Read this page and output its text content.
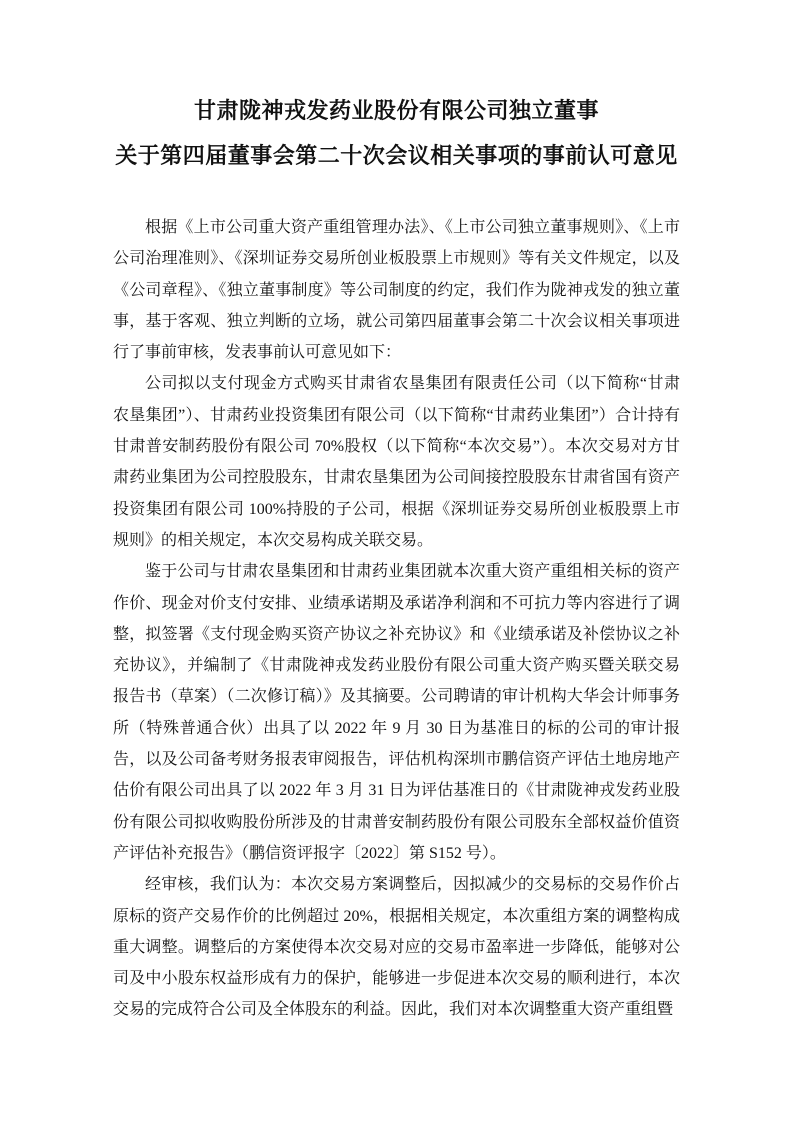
甘肃陇神戎发药业股份有限公司独立董事
关于第四届董事会第二十次会议相关事项的事前认可意见

根据《上市公司重大资产重组管理办法》、《上市公司独立董事规则》、《上市公司治理准则》、《深圳证券交易所创业板股票上市规则》等有关文件规定，以及《公司章程》、《独立董事制度》等公司制度的约定，我们作为陇神戎发的独立董事，基于客观、独立判断的立场，就公司第四届董事会第二十次会议相关事项进行了事前审核，发表事前认可意见如下：

公司拟以支付现金方式购买甘肃省农垦集团有限责任公司（以下简称“甘肃农垦集团”）、甘肃药业投资集团有限公司（以下简称“甘肃药业集团”）合计持有甘肃普安制药股份有限公司 70%股权（以下简称“本次交易”）。本次交易对方甘肃药业集团为公司控股股东，甘肃农垦集团为公司间接控股股东甘肃省国有资产投资集团有限公司 100%持股的子公司，根据《深圳证券交易所创业板股票上市规则》的相关规定，本次交易构成关联交易。

鉴于公司与甘肃农垦集团和甘肃药业集团就本次重大资产重组相关标的资产作价、现金对价支付安排、业绩承诺期及承诺净利润和不可抗力等内容进行了调整，拟签署《支付现金购买资产协议之补充协议》和《业绩承诺及补偿协议之补充协议》，并编制了《甘肃陇神戎发药业股份有限公司重大资产购买暨关联交易报告书（草案）（二次修订稿）》及其摘要。公司聘请的审计机构大华会计师事务所（特殊普通合伙）出具了以 2022 年 9 月 30 日为基准日的标的公司的审计报告，以及公司备考财务报表审阅报告，评估机构深圳市鹏信资产评估土地房地产估价有限公司出具了以 2022 年 3 月 31 日为评估基准日的《甘肃陇神戎发药业股份有限公司拟收购股份所涉及的甘肃普安制药股份有限公司股东全部权益价值资产评估补充报告》（鹏信资评报字〔2022〕第 S152 号）。

经审核，我们认为：本次交易方案调整后，因拟减少的交易标的交易作价占原标的资产交易作价的比例超过 20%，根据相关规定，本次重组方案的调整构成重大调整。调整后的方案使得本次交易对应的交易市盈率进一步降低，能够对公司及中小股东权益形成有力的保护，能够进一步促进本次交易的顺利进行，本次交易的完成符合公司及全体股东的利益。因此，我们对本次调整重大资产重组暨
